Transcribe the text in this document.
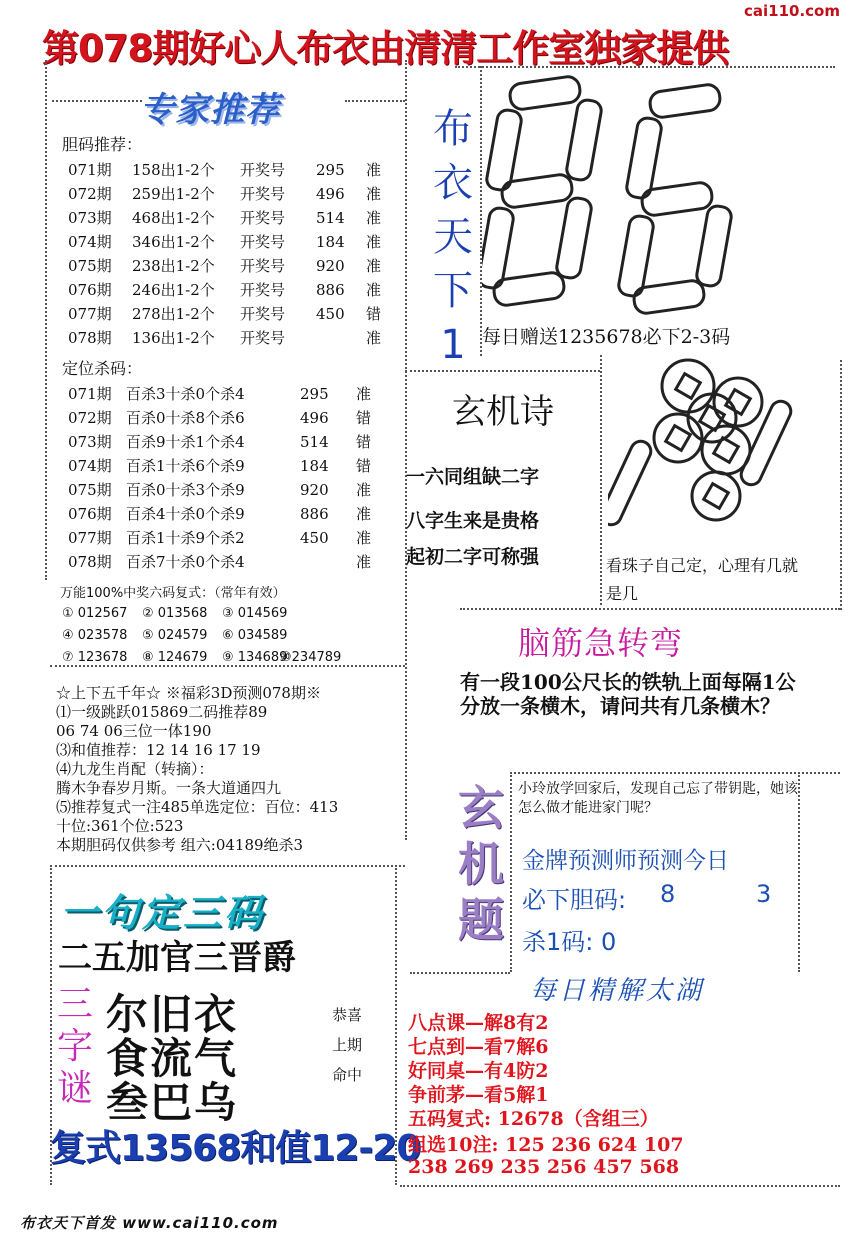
cai110.com
第078期好心人布衣由清清工作室独家提供
专家推荐
胆码推荐：
071期 158出1-2个 开奖号 295 准
072期 259出1-2个 开奖号 496 准
073期 468出1-2个 开奖号 514 准
074期 346出1-2个 开奖号 184 准
075期 238出1-2个 开奖号 920 准
076期 246出1-2个 开奖号 886 准
077期 278出1-2个 开奖号 450 错
078期 136出1-2个 开奖号	准
定位杀码：
071期 百杀3十杀0个杀4	295 准
072期 百杀0十杀8个杀6	496 错
073期 百杀9十杀1个杀4	514 错
074期 百杀1十杀6个杀9	184 错
075期 百杀0十杀3个杀9	920 准
076期 百杀4十杀0个杀9	886 准
077期 百杀1十杀9个杀2	450 准
078期 百杀7十杀0个杀4	准
布
衣
天
下
1 每日赠送1235678必下2-3码
玄机诗
一六同组缺二字
八字生来是贵格
起初二字可称强	看珠子自己定，心理有几就是几
脑筋急转弯
有一段100公尺长的铁轨上面每隔1公分放一条横木，请问共有几条横木？
万能100%中奖六码复式：（常年有效）
① 012567 ② 013568 ③ 014569
④ 023578 ⑤ 024579 ⑥ 034589
⑦ 123678 ⑧ 124679 ⑨ 134689
⑩234789
☆上下五千年☆ ※福彩3D预测078期※
⑴一级跳跃015869二码推荐89
06 74 06三位一体190
⑶和值推荐：12 14 16 17 19
⑷九龙生肖配（转摘）：
腾木争春岁月斯。一条大道通四九
⑸推荐复式一注485单选定位：百位：413
十位:361个位:523
本期胆码仅供参考 组六:04189绝杀3
玄
机
题
小玲放学回家后，发现自己忘了带钥匙，她该怎么做才能进家门呢？
金牌预测师预测今日
必下胆码: 8	3
杀1码: 0
一句定三码
二五加官三晋爵
三
字
谜
尔旧衣
食流气
叁巴乌
恭喜
上期
命中
复式13568和值12-20
每日精解太湖
八点课—解8有2
七点到—看7解6
好同桌—有4防2
争前茅—看5解1
五码复式: 12678（含组三）
组选10注: 125 236 624 107
238 269 235 256 457 568
布衣天下首发 www.cai110.com
